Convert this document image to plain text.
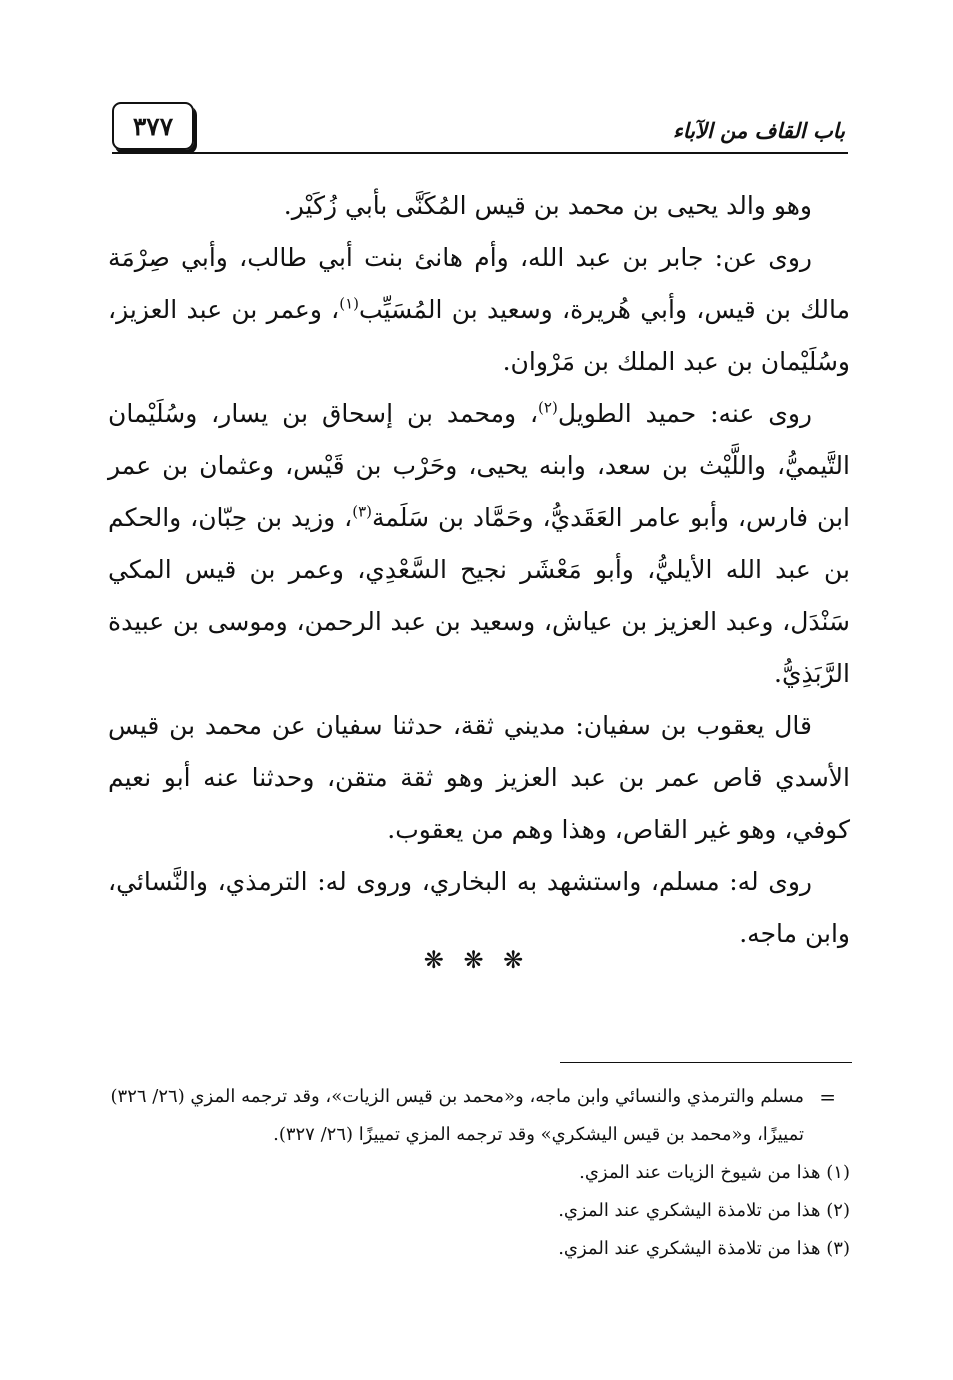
٣٧٧	باب القاف من الآباء

وهو والد يحيى بن محمد بن قيس المُكَنَّى بأبي زُكَيْر.

روى عن: جابر بن عبد الله، وأم هانئ بنت أبي طالب، وأبي صِرْمَة مالك بن قيس، وأبي هُريرة، وسعيد بن المُسَيِّب$^{(١)}$، وعمر بن عبد العزيز، وسُلَيْمان بن عبد الملك بن مَرْوان.

روى عنه: حميد الطويل$^{(٢)}$، ومحمد بن إسحاق بن يسار، وسُلَيْمان التَّيميُّ، واللَّيْث بن سعد، وابنه يحيى، وحَرْب بن قَيْس، وعثمان بن عمر ابن فارس، وأبو عامر العَقَديُّ، وحَمَّاد بن سَلَمة$^{(٣)}$، وزيد بن حِبّان، والحكم بن عبد الله الأيليُّ، وأبو مَعْشَر نجيح السَّعْدِي، وعمر بن قيس المكي سَنْدَل، وعبد العزيز بن عياش، وسعيد بن عبد الرحمن، وموسى بن عبيدة الرَّبَذِيُّ.

قال يعقوب بن سفيان: مديني ثقة، حدثنا سفيان عن محمد بن قيس الأسدي قاص عمر بن عبد العزيز وهو ثقة متقن، وحدثنا عنه أبو نعيم كوفي، وهو غير القاص، وهذا وهم من يعقوب.

روى له: مسلم، واستشهد به البخاري، وروى له: الترمذي، والنَّسائي، وابن ماجه.

❋ ❋ ❋

=
مسلم والترمذي والنسائي وابن ماجه، و«محمد بن قيس الزيات»، وقد ترجمه المزي (٢٦/ ٣٢٦) تمييزًا، و«محمد بن قيس اليشكري» وقد ترجمه المزي تمييزًا (٢٦/ ٣٢٧).

(١) هذا من شيوخ الزيات عند المزي.

(٢) هذا من تلامذة اليشكري عند المزي.

(٣) هذا من تلامذة اليشكري عند المزي.
